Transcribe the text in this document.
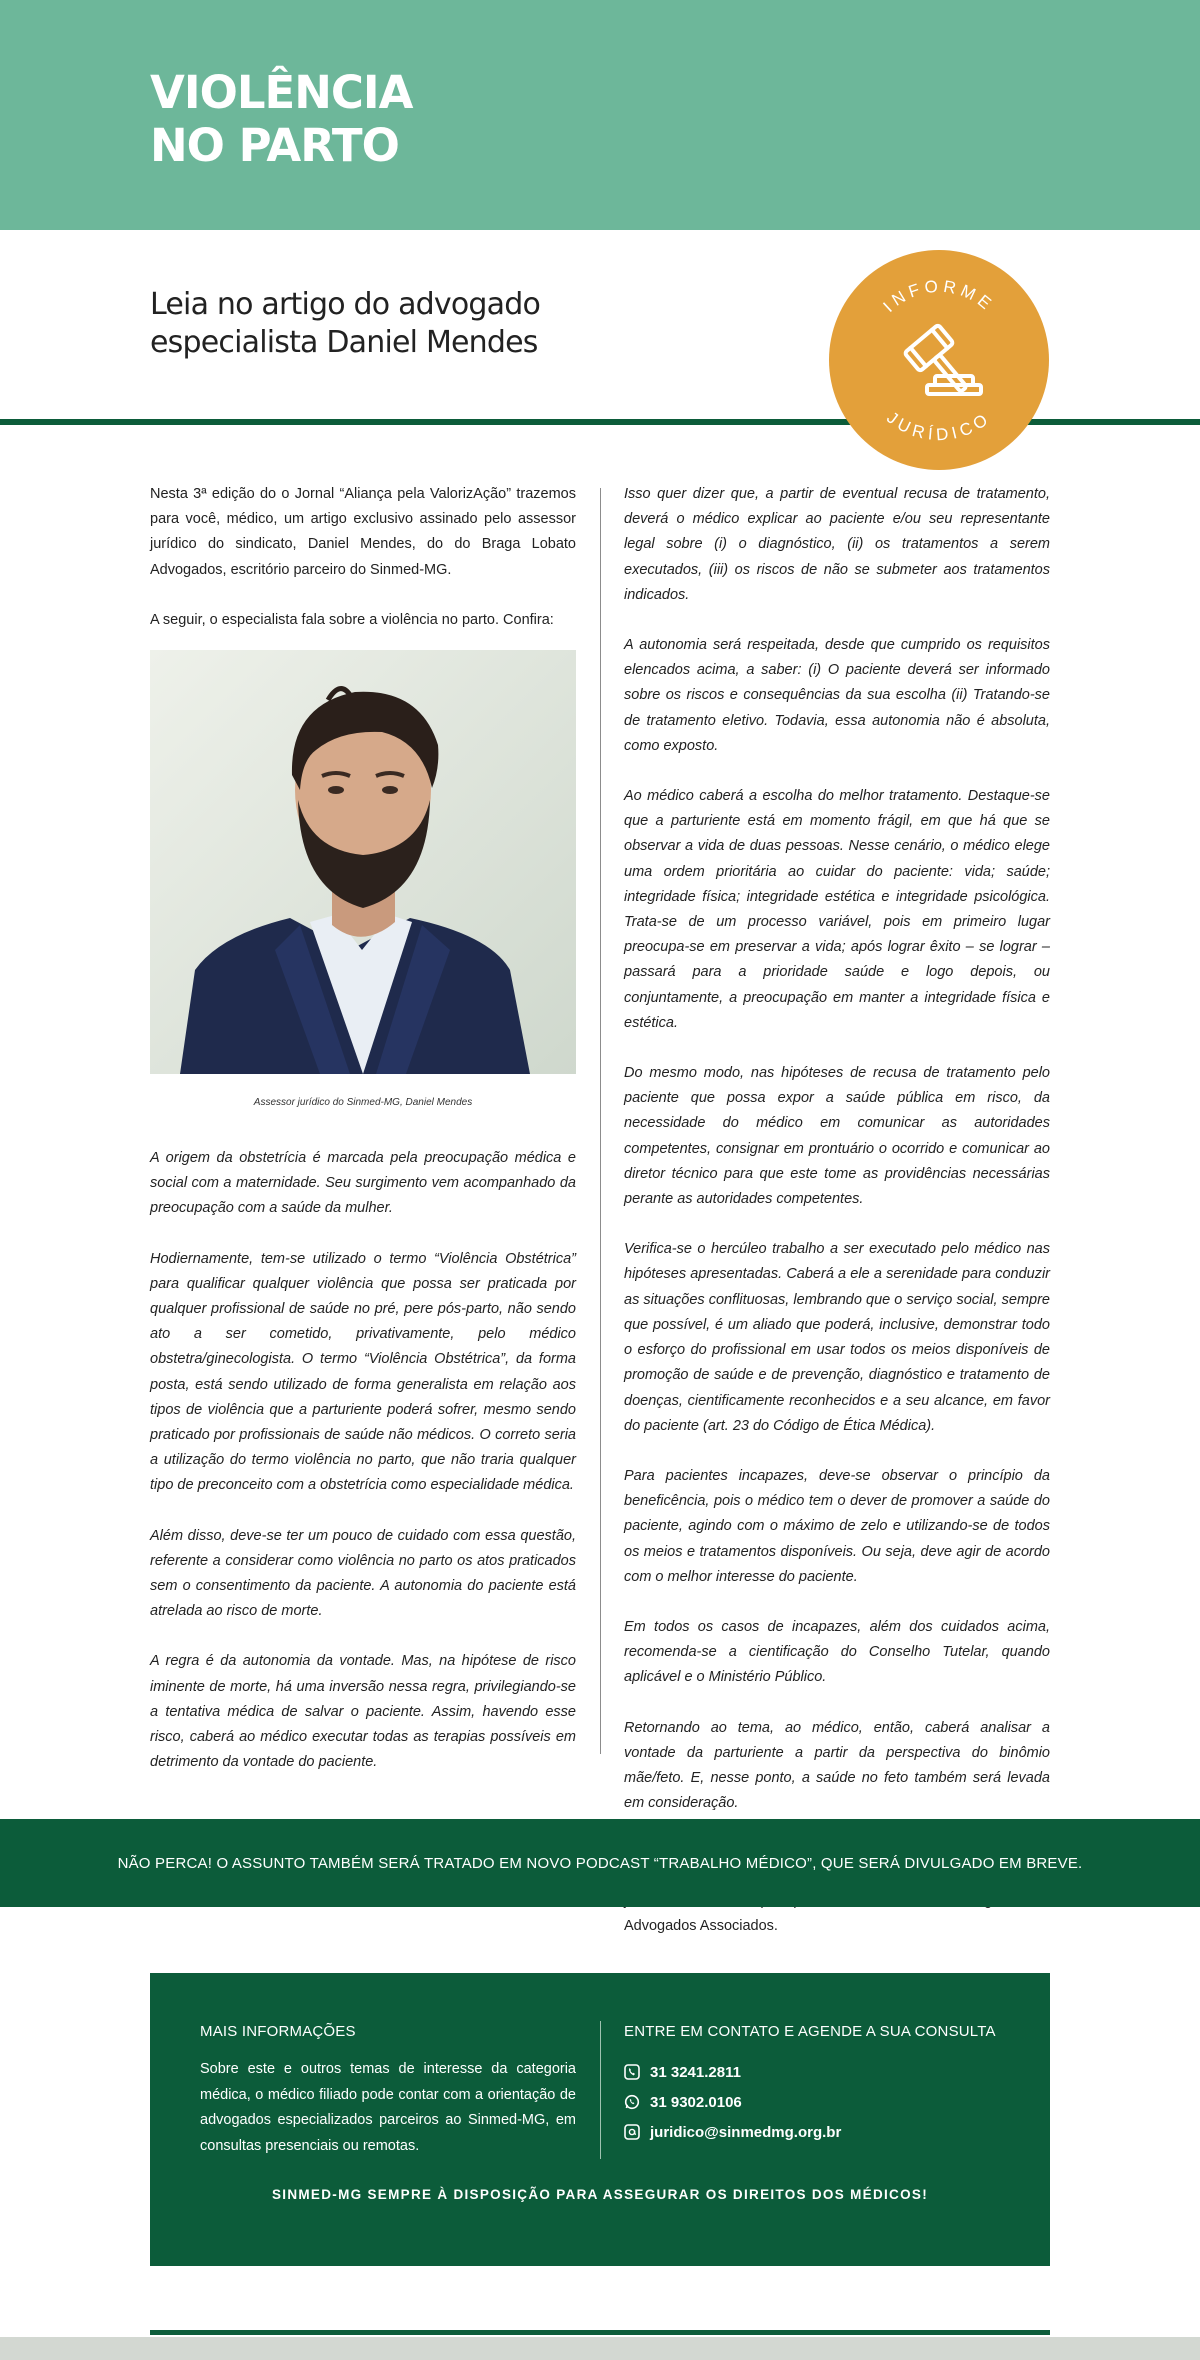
VIOLÊNCIA
NO PARTO
Leia no artigo do advogado
especialista Daniel Mendes
INFORME
JURÍDICO

Nesta 3ª edição do o Jornal “Aliança pela ValorizAção” trazemos para você, médico, um artigo exclusivo assinado pelo assessor jurídico do sindicato, Daniel Mendes, do do Braga Lobato Advogados, escritório parceiro do Sinmed-MG.

A seguir, o especialista fala sobre a violência no parto. Confira:

Assessor jurídico do Sinmed-MG, Daniel Mendes

A origem da obstetrícia é marcada pela preocupação médica e social com a maternidade. Seu surgimento vem acompanhado da preocupação com a saúde da mulher.

Hodiernamente, tem-se utilizado o termo “Violência Obstétrica” para qualificar qualquer violência que possa ser praticada por qualquer profissional de saúde no pré, pere pós-parto, não sendo ato a ser cometido, privativamente, pelo médico obstetra/ginecologista. O termo “Violência Obstétrica”, da forma posta, está sendo utilizado de forma generalista em relação aos tipos de violência que a parturiente poderá sofrer, mesmo sendo praticado por profissionais de saúde não médicos. O correto seria a utilização do termo violência no parto, que não traria qualquer tipo de preconceito com a obstetrícia como especialidade médica.

Além disso, deve-se ter um pouco de cuidado com essa questão, referente a considerar como violência no parto os atos praticados sem o consentimento da paciente. A autonomia do paciente está atrelada ao risco de morte.

A regra é da autonomia da vontade. Mas, na hipótese de risco iminente de morte, há uma inversão nessa regra, privilegiando-se a tentativa médica de salvar o paciente. Assim, havendo esse risco, caberá ao médico executar todas as terapias possíveis em detrimento da vontade do paciente.

Isso quer dizer que, a partir de eventual recusa de tratamento, deverá o médico explicar ao paciente e/ou seu representante legal sobre (i) o diagnóstico, (ii) os tratamentos a serem executados, (iii) os riscos de não se submeter aos tratamentos indicados.

A autonomia será respeitada, desde que cumprido os requisitos elencados acima, a saber: (i) O paciente deverá ser informado sobre os riscos e consequências da sua escolha (ii) Tratando-se de tratamento eletivo. Todavia, essa autonomia não é absoluta, como exposto.

Ao médico caberá a escolha do melhor tratamento. Destaque-se que a parturiente está em momento frágil, em que há que se observar a vida de duas pessoas. Nesse cenário, o médico elege uma ordem prioritária ao cuidar do paciente: vida; saúde; integridade física; integridade estética e integridade psicológica. Trata-se de um processo variável, pois em primeiro lugar preocupa-se em preservar a vida; após lograr êxito – se lograr – passará para a prioridade saúde e logo depois, ou conjuntamente, a preocupação em manter a integridade física e estética.

Do mesmo modo, nas hipóteses de recusa de tratamento pelo paciente que possa expor a saúde pública em risco, da necessidade do médico em comunicar as autoridades competentes, consignar em prontuário o ocorrido e comunicar ao diretor técnico para que este tome as providências necessárias perante as autoridades competentes.

Verifica-se o hercúleo trabalho a ser executado pelo médico nas hipóteses apresentadas. Caberá a ele a serenidade para conduzir as situações conflituosas, lembrando que o serviço social, sempre que possível, é um aliado que poderá, inclusive, demonstrar todo o esforço do profissional em usar todos os meios disponíveis de promoção de saúde e de prevenção, diagnóstico e tratamento de doenças, cientificamente reconhecidos e a seu alcance, em favor do paciente (art. 23 do Código de Ética Médica).

Para pacientes incapazes, deve-se observar o princípio da beneficência, pois o médico tem o dever de promover a saúde do paciente, agindo com o máximo de zelo e utilizando-se de todos os meios e tratamentos disponíveis. Ou seja, deve agir de acordo com o melhor interesse do paciente.

Em todos os casos de incapazes, além dos cuidados acima, recomenda-se a cientificação do Conselho Tutelar, quando aplicável e o Ministério Público.

Retornando ao tema, ao médico, então, caberá analisar a vontade da parturiente a partir da perspectiva do binômio mãe/feto. E, nesse ponto, a saúde no feto também será levada em consideração.

Advogados Associados.
NÃO PERCA! O ASSUNTO TAMBÉM SERÁ TRATADO EM NOVO PODCAST “TRABALHO MÉDICO”, QUE SERÁ DIVULGADO EM BREVE.
MAIS INFORMAÇÕES
Sobre este e outros temas de interesse da categoria médica, o médico filiado pode contar com a orientação de advogados especializados parceiros ao Sinmed-MG, em consultas presenciais ou remotas.
ENTRE EM CONTATO E AGENDE A SUA CONSULTA
31 3241.2811
31 9302.0106
juridico@sinmedmg.org.br
SINMED-MG SEMPRE À DISPOSIÇÃO PARA ASSEGURAR OS DIREITOS DOS MÉDICOS!
